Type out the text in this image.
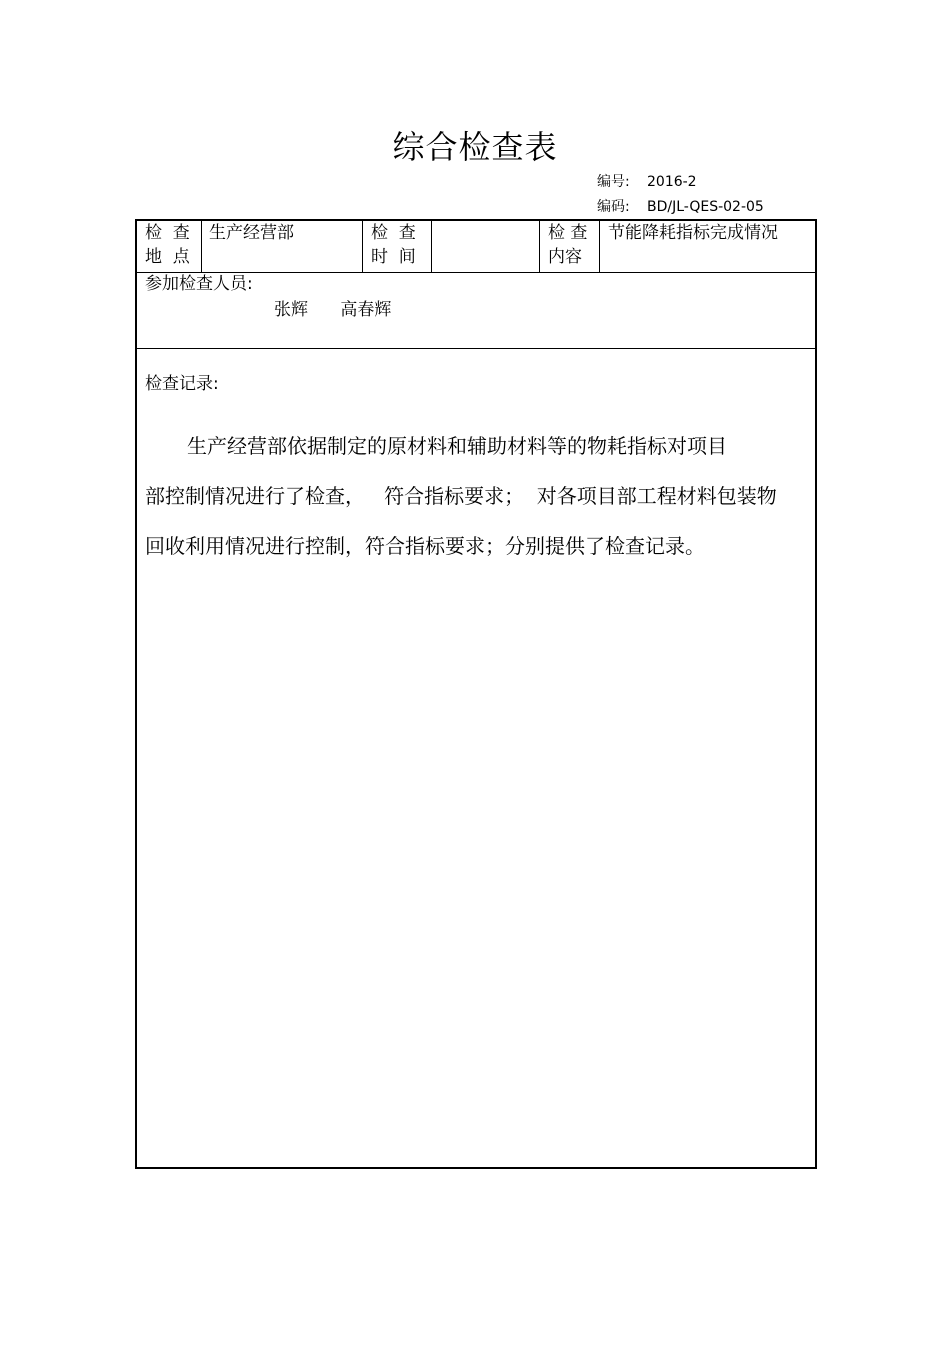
综合检查表
编号: 2016-2
编码: BD/JL-QES-02-05
检  查
地  点
生产经营部	检  查
时  间
检 查
内容
节能降耗指标完成情况
参加检查人员:
张辉      高春辉
检查记录:
生产经营部依据制定的原材料和辅助材料等的物耗指标对项目
部控制情况进行了检查，   符合指标要求；  对各项目部工程材料包装物
回收利用情况进行控制，符合指标要求；分别提供了检查记录。
